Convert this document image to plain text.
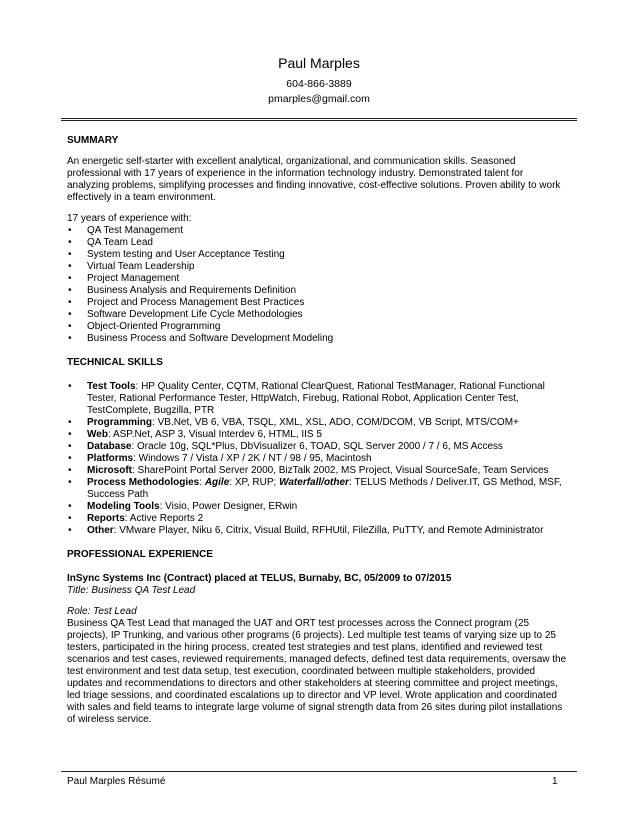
Paul Marples
604-866-3889
pmarples@gmail.com

SUMMARY

An energetic self-starter with excellent analytical, organizational, and communication skills. Seasoned professional with 17 years of experience in the information technology industry. Demonstrated talent for analyzing problems, simplifying processes and finding innovative, cost-effective solutions. Proven ability to work effectively in a team environment.

17 years of experience with:

• QA Test Management
• QA Team Lead
• System testing and User Acceptance Testing
• Virtual Team Leadership
• Project Management
• Business Analysis and Requirements Definition
• Project and Process Management Best Practices
• Software Development Life Cycle Methodologies
• Object-Oriented Programming
• Business Process and Software Development Modeling

TECHNICAL SKILLS

• Test Tools: HP Quality Center, CQTM, Rational ClearQuest, Rational TestManager, Rational Functional Tester, Rational Performance Tester, HttpWatch, Firebug, Rational Robot, Application Center Test, TestComplete, Bugzilla, PTR
• Programming: VB.Net, VB 6, VBA, TSQL, XML, XSL, ADO, COM/DCOM, VB Script, MTS/COM+
• Web: ASP.Net, ASP 3, Visual Interdev 6, HTML, IIS 5
• Database: Oracle 10g, SQL*Plus, DbVisualizer 6, TOAD, SQL Server 2000 / 7 / 6, MS Access
• Platforms: Windows 7 / Vista / XP / 2K / NT / 98 / 95, Macintosh
• Microsoft: SharePoint Portal Server 2000, BizTalk 2002, MS Project, Visual SourceSafe, Team Services
• Process Methodologies: Agile: XP, RUP; Waterfall/other: TELUS Methods / Deliver.IT, GS Method, MSF, Success Path
• Modeling Tools: Visio, Power Designer, ERwin
• Reports: Active Reports 2
• Other: VMware Player, Niku 6, Citrix, Visual Build, RFHUtil, FileZilla, PuTTY, and Remote Administrator

PROFESSIONAL EXPERIENCE

InSync Systems Inc (Contract) placed at TELUS, Burnaby, BC, 05/2009 to 07/2015

Title: Business QA Test Lead

Role: Test Lead

Business QA Test Lead that managed the UAT and ORT test processes across the Connect program (25 projects), IP Trunking, and various other programs (6 projects). Led multiple test teams of varying size up to 25 testers, participated in the hiring process, created test strategies and test plans, identified and reviewed test scenarios and test cases, reviewed requirements, managed defects, defined test data requirements, oversaw the test environment and test data setup, test execution, coordinated between multiple stakeholders, provided updates and recommendations to directors and other stakeholders at steering committee and project meetings, led triage sessions, and coordinated escalations up to director and VP level. Wrote application and coordinated with sales and field teams to integrate large volume of signal strength data from 26 sites during pilot installations of wireless service.

Paul Marples Résumé	1
